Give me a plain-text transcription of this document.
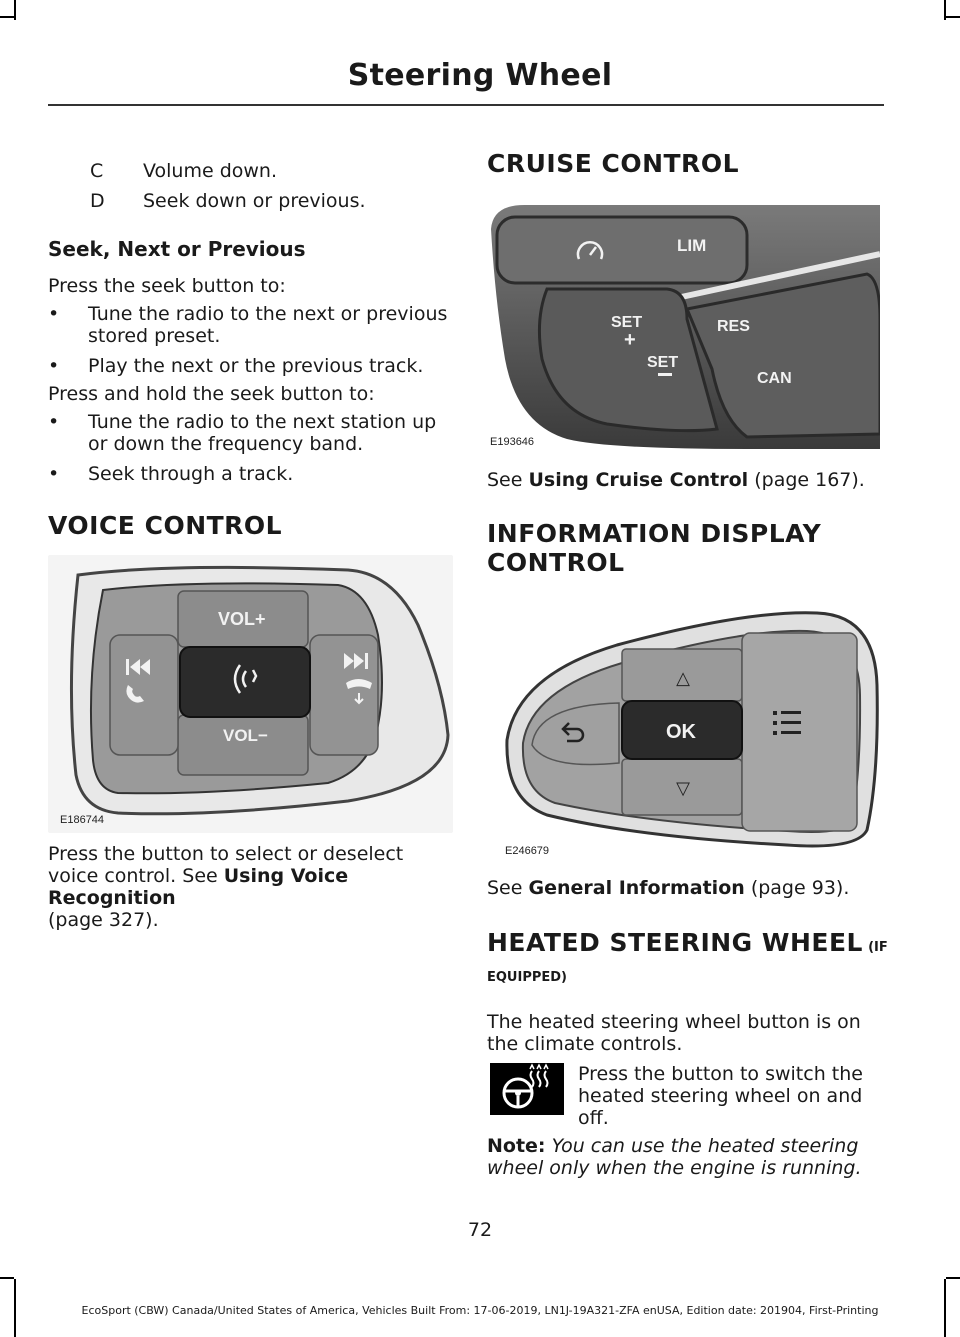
Steering Wheel
C Volume down.
D Seek down or previous.
Seek, Next or Previous
Press the seek button to:
•	Tune the radio to the next or previous stored preset.
•	Play the next or the previous track.
Press and hold the seek button to:
•	Tune the radio to the next station up or down the frequency band.
•	Seek through a track.
VOICE CONTROL
VOL+
VOL−
E186744

Press the button to select or deselect voice control. See Using Voice Recognition

(page 327).

CRUISE CONTROL
LIM
SET
+
SET
RES
CAN
E193646
See Using Cruise Control (page 167).
INFORMATION DISPLAY
CONTROL
△
▽
OK
E246679
See General Information (page 93).
HEATED STEERING WHEEL (IF
EQUIPPED)
The heated steering wheel button is on the climate controls.
Press the button to switch the heated steering wheel on and off.
Note: You can use the heated steering wheel only when the engine is running.
72
EcoSport (CBW) Canada/United States of America, Vehicles Built From: 17-06-2019, LN1J-19A321-ZFA enUSA, Edition date: 201904, First-Printing
